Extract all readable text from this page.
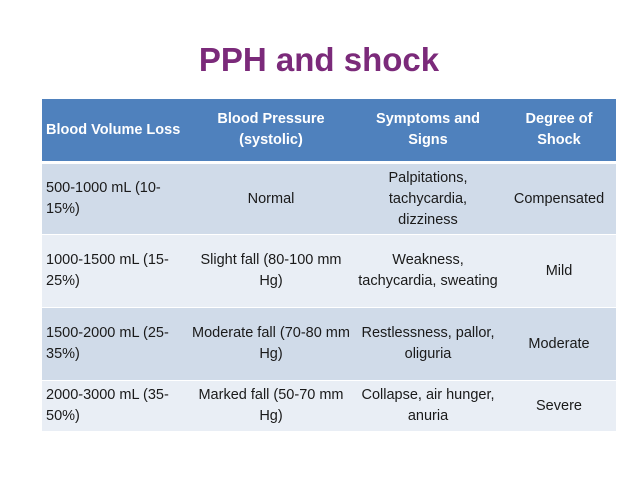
PPH and shock
Blood Volume Loss	Blood Pressure (systolic)	Symptoms and Signs	Degree of Shock
500-1000 mL (10-15%)	Normal	Palpitations, tachycardia, dizziness	Compensated
1000-1500 mL (15-25%)	Slight fall (80-100 mm Hg)	Weakness, tachycardia, sweating	Mild
1500-2000 mL (25-35%)	Moderate fall (70-80 mm Hg)	Restlessness, pallor, oliguria	Moderate
2000-3000 mL (35-50%)	Marked fall (50-70 mm Hg)	Collapse, air hunger, anuria	Severe
